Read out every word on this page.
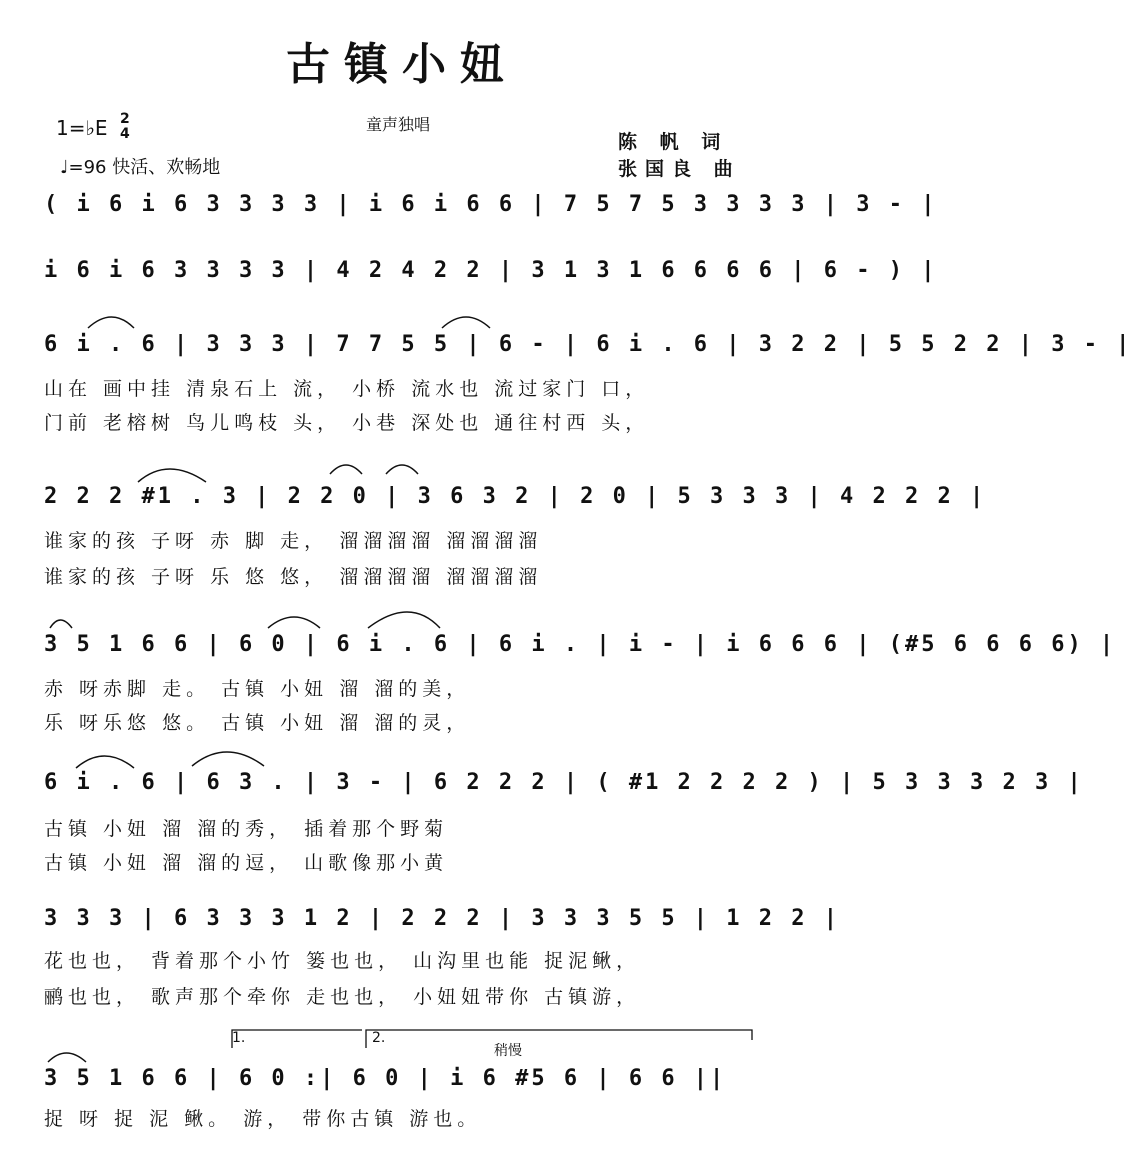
古镇小妞
1=♭E 2
4
♩=96 快活、欢畅地
童声独唱
陈 帆 词
张国良 曲
( i 6 i 6 3 3 3 3 | i 6 i 6 6 | 7 5 7 5 3 3 3 3 | 3 - |
i 6 i 6 3 3 3 3 | 4 2 4 2 2 | 3 1 3 1 6 6 6 6 | 6 - ) |
6 i . 6 | 3 3 3 | 7 7 5 5 | 6 - | 6 i . 6 | 3 2 2 | 5 5 2 2 | 3 - |
山在 画中挂 清泉石上 流， 小桥 流水也 流过家门 口，
门前 老榕树 鸟儿鸣枝 头， 小巷 深处也 通往村西 头，
2 2 2 #1 . 3 | 2 2 0 | 3 6 3 2 | 2 0 | 5 3 3 3 | 4 2 2 2 |
谁家的孩 子呀 赤 脚 走， 溜溜溜溜 溜溜溜溜
谁家的孩 子呀 乐 悠 悠， 溜溜溜溜 溜溜溜溜
3 5 1 6 6 | 6 0 | 6 i . 6 | 6 i . | i - | i 6 6 6 | (#5 6 6 6 6) |
赤 呀赤脚 走。 古镇 小妞 溜 溜的美，
乐 呀乐悠 悠。 古镇 小妞 溜 溜的灵，
6 i . 6 | 6 3 . | 3 - | 6 2 2 2 | ( #1 2 2 2 2 ) | 5 3 3 3 2 3 |
古镇 小妞 溜 溜的秀， 插着那个野菊
古镇 小妞 溜 溜的逗， 山歌像那小黄
3 3 3 | 6 3 3 3 1 2 | 2 2 2 | 3 3 3 5 5 | 1 2 2 |
花也也， 背着那个小竹 篓也也， 山沟里也能 捉泥鳅，
鹂也也， 歌声那个牵你 走也也， 小妞妞带你 古镇游，
1.	2.
稍慢
3 5 1 6 6 | 6 0 :| 6 0 | i 6 #5 6 | 6 6 ||
捉 呀 捉 泥 鳅。 游， 带你古镇 游也。
